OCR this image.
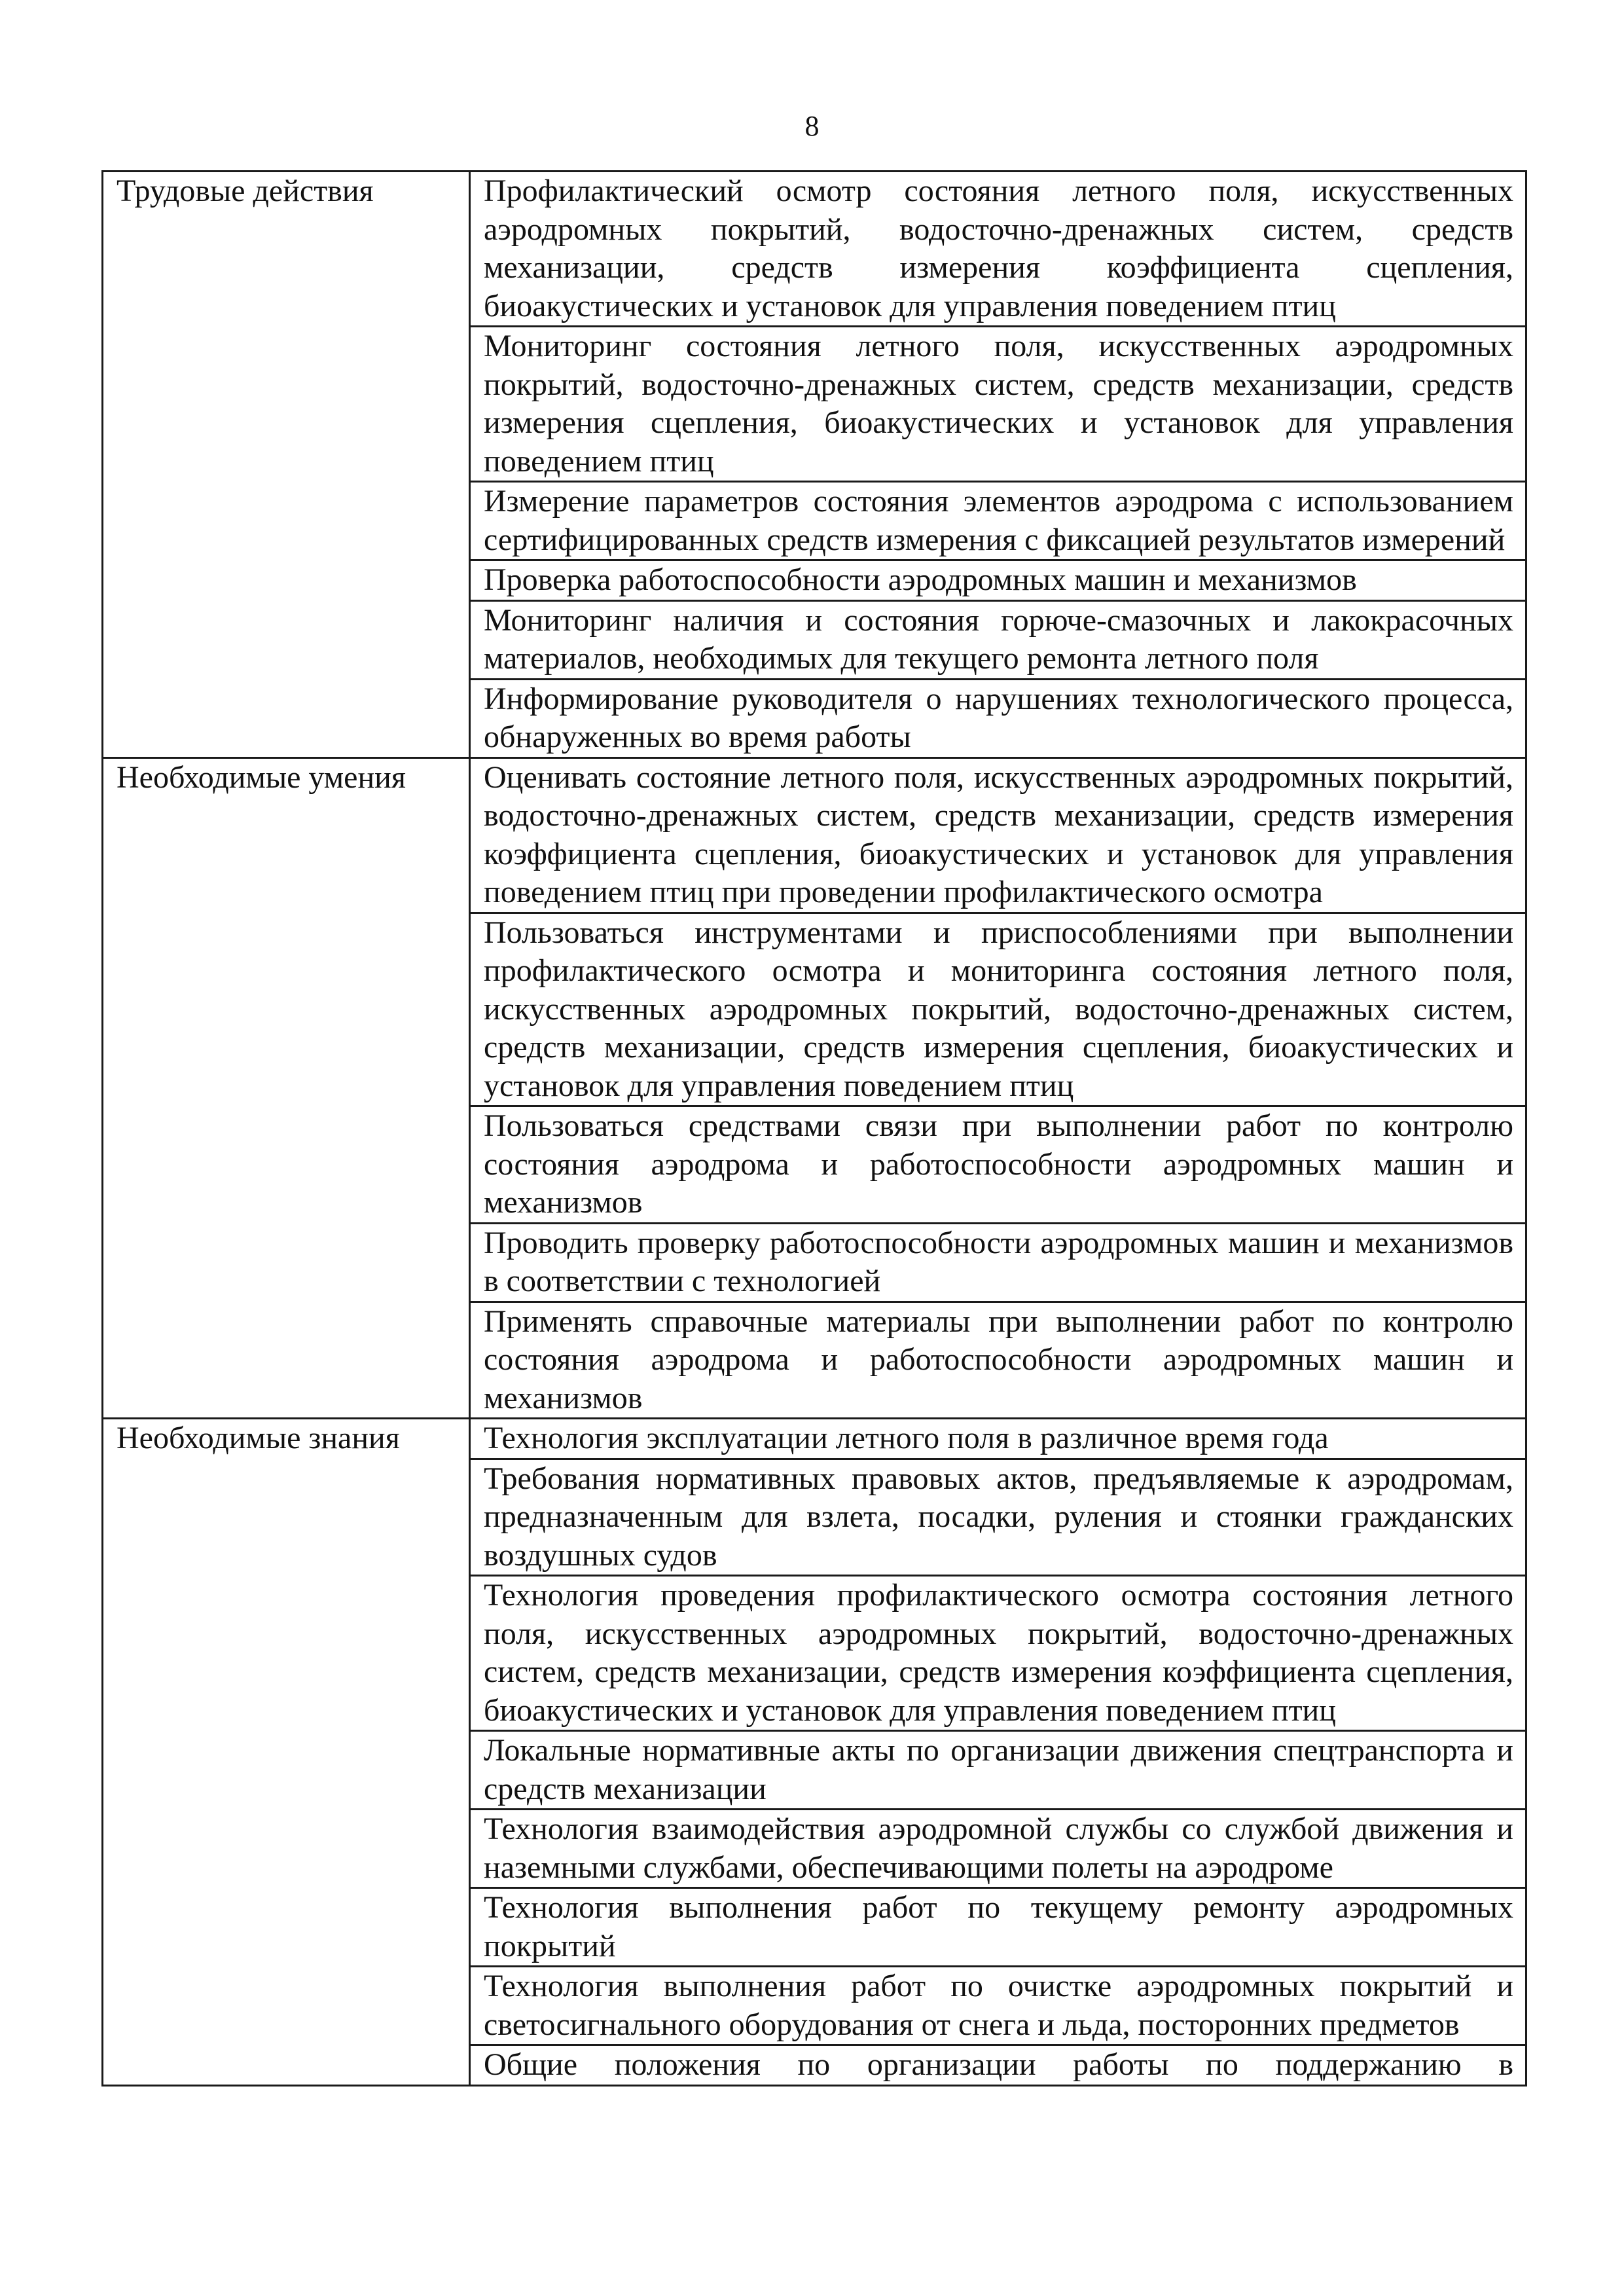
8
Трудовые действия	Профилактический осмотр состояния летного поля, искусственных аэродромных покрытий, водосточно-дренажных систем, средств механизации, средств измерения коэффициента сцепления, биоакустических и установок для управления поведением птиц
	Мониторинг состояния летного поля, искусственных аэродромных покрытий, водосточно-дренажных систем, средств механизации, средств измерения сцепления, биоакустических и установок для управления поведением птиц
	Измерение параметров состояния элементов аэродрома с использованием сертифицированных средств измерения с фиксацией результатов измерений
	Проверка работоспособности аэродромных машин и механизмов
	Мониторинг наличия и состояния горюче-смазочных и лакокрасочных материалов, необходимых для текущего ремонта летного поля
	Информирование руководителя о нарушениях технологического процесса, обнаруженных во время работы
Необходимые умения	Оценивать состояние летного поля, искусственных аэродромных покрытий, водосточно-дренажных систем, средств механизации, средств измерения коэффициента сцепления, биоакустических и установок для управления поведением птиц при проведении профилактического осмотра
	Пользоваться инструментами и приспособлениями при выполнении профилактического осмотра и мониторинга состояния летного поля, искусственных аэродромных покрытий, водосточно-дренажных систем, средств механизации, средств измерения сцепления, биоакустических и установок для управления поведением птиц
	Пользоваться средствами связи при выполнении работ по контролю состояния аэродрома и работоспособности аэродромных машин и механизмов
	Проводить проверку работоспособности аэродромных машин и механизмов в соответствии с технологией
	Применять справочные материалы при выполнении работ по контролю состояния аэродрома и работоспособности аэродромных машин и механизмов
Необходимые знания	Технология эксплуатации летного поля в различное время года
	Требования нормативных правовых актов, предъявляемые к аэродромам, предназначенным для взлета, посадки, руления и стоянки гражданских воздушных судов
	Технология проведения профилактического осмотра состояния летного поля, искусственных аэродромных покрытий, водосточно-дренажных систем, средств механизации, средств измерения коэффициента сцепления, биоакустических и установок для управления поведением птиц
	Локальные нормативные акты по организации движения спецтранспорта и средств механизации
	Технология взаимодействия аэродромной службы со службой движения и наземными службами, обеспечивающими полеты на аэродроме
	Технология выполнения работ по текущему ремонту аэродромных покрытий
	Технология выполнения работ по очистке аэродромных покрытий и светосигнального оборудования от снега и льда, посторонних предметов
	Общие положения по организации работы по поддержанию в
